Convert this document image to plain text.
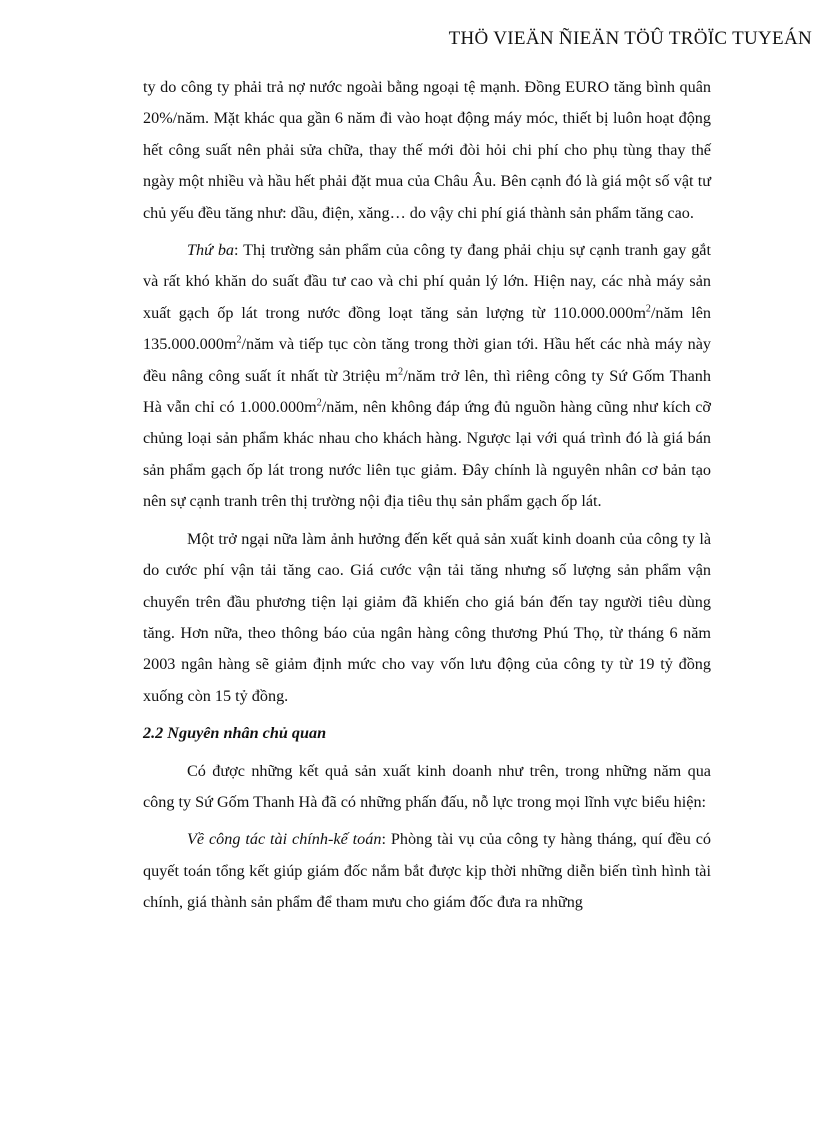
THÖ VIEÄN ÑIEÄN TÖÛ TRÖÏC TUYEÁN

ty do công ty phải trả nợ nước ngoài bằng ngoại tệ mạnh. Đồng EURO tăng bình quân 20%/năm. Mặt khác qua gần 6 năm đi vào hoạt động máy móc, thiết bị luôn hoạt động hết công suất nên phải sửa chữa, thay thế mới đòi hỏi chi phí cho phụ tùng thay thế ngày một nhiều và hầu hết phải đặt mua của Châu Âu. Bên cạnh đó là giá một số vật tư chủ yếu đều tăng như: dầu, điện, xăng… do vậy chi phí giá thành sản phẩm tăng cao.

Thứ ba: Thị trường sản phẩm của công ty đang phải chịu sự cạnh tranh gay gắt và rất khó khăn do suất đầu tư cao và chi phí quản lý lớn. Hiện nay, các nhà máy sản xuất gạch ốp lát trong nước đồng loạt tăng sản lượng từ $110.000.000m^2$/năm lên $135.000.000m^2$/năm và tiếp tục còn tăng trong thời gian tới. Hầu hết các nhà máy này đều nâng công suất ít nhất từ 3triệu $m^2$/năm trở lên, thì riêng công ty Sứ Gốm Thanh Hà vẫn chỉ có $1.000.000m^2$/năm, nên không đáp ứng đủ nguồn hàng cũng như kích cỡ chủng loại sản phẩm khác nhau cho khách hàng. Ngược lại với quá trình đó là giá bán sản phẩm gạch ốp lát trong nước liên tục giảm. Đây chính là nguyên nhân cơ bản tạo nên sự cạnh tranh trên thị trường nội địa tiêu thụ sản phẩm gạch ốp lát.

Một trở ngại nữa làm ảnh hưởng đến kết quả sản xuất kinh doanh của công ty là do cước phí vận tải tăng cao. Giá cước vận tải tăng nhưng số lượng sản phẩm vận chuyển trên đầu phương tiện lại giảm đã khiến cho giá bán đến tay người tiêu dùng tăng. Hơn nữa, theo thông báo của ngân hàng công thương Phú Thọ, từ tháng 6 năm 2003 ngân hàng sẽ giảm định mức cho vay vốn lưu động của công ty từ 19 tỷ đồng xuống còn 15 tỷ đồng.

2.2 Nguyên nhân chủ quan

Có được những kết quả sản xuất kinh doanh như trên, trong những năm qua công ty Sứ Gốm Thanh Hà đã có những phấn đấu, nỗ lực trong mọi lĩnh vực biểu hiện:

Về công tác tài chính-kế toán: Phòng tài vụ của công ty hàng tháng, quí đều có quyết toán tổng kết giúp giám đốc nắm bắt được kịp thời những diễn biến tình hình tài chính, giá thành sản phẩm để tham mưu cho giám đốc đưa ra những
